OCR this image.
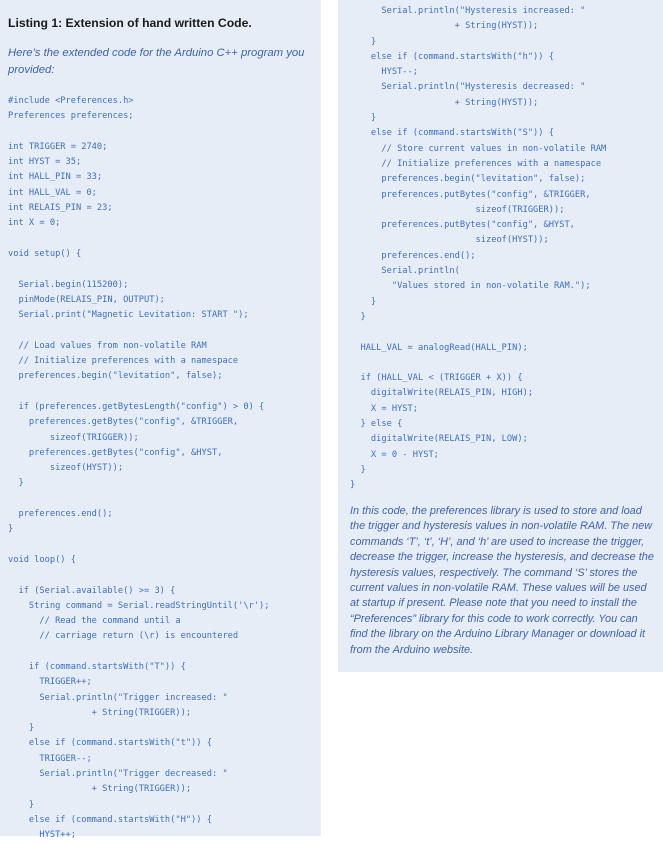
Listing 1: Extension of hand written Code.

Here’s the extended code for the Arduino C++ program you provided:

#include <Preferences.h>
Preferences preferences;

int TRIGGER = 2740;
int HYST = 35;
int HALL_PIN = 33;
int HALL_VAL = 0;
int RELAIS_PIN = 23;
int X = 0;

void setup() {

Serial.begin(115200);
pinMode(RELAIS_PIN, OUTPUT);
Serial.print("Magnetic Levitation: START ");

// Load values from non-volatile RAM
// Initialize preferences with a namespace
preferences.begin("levitation", false);

if (preferences.getBytesLength("config") > 0) {
preferences.getBytes("config", &TRIGGER,
sizeof(TRIGGER));
preferences.getBytes("config", &HYST,
sizeof(HYST));
}

preferences.end();
}

void loop() {

if (Serial.available() >= 3) {
String command = Serial.readStringUntil('\r');
// Read the command until a
// carriage return (\r) is encountered

if (command.startsWith("T")) {
TRIGGER++;
Serial.println("Trigger increased: "
+ String(TRIGGER));
}
else if (command.startsWith("t")) {
TRIGGER--;
Serial.println("Trigger decreased: "
+ String(TRIGGER));
}
else if (command.startsWith("H")) {
HYST++;
Serial.println("Hysteresis increased: "
+ String(HYST));
}
else if (command.startsWith("h")) {
HYST--;
Serial.println("Hysteresis decreased: "
+ String(HYST));
}
else if (command.startsWith("S")) {
// Store current values in non-volatile RAM
// Initialize preferences with a namespace
preferences.begin("levitation", false);
preferences.putBytes("config", &TRIGGER,
sizeof(TRIGGER));
preferences.putBytes("config", &HYST,
sizeof(HYST));
preferences.end();
Serial.println(
"Values stored in non-volatile RAM.");
}
}

HALL_VAL = analogRead(HALL_PIN);

if (HALL_VAL < (TRIGGER + X)) {
digitalWrite(RELAIS_PIN, HIGH);
X = HYST;
} else {
digitalWrite(RELAIS_PIN, LOW);
X = 0 - HYST;
}
}

In this code, the preferences library is used to store and load the trigger and hysteresis values in non-volatile RAM. The new commands ‘T’, ‘t’, ‘H’, and ‘h’ are used to increase the trigger, decrease the trigger, increase the hysteresis, and decrease the hysteresis values, respectively. The command ‘S’ stores the current values in non-volatile RAM. These values will be used at startup if present. Please note that you need to install the “Preferences” library for this code to work correctly. You can find the library on the Arduino Library Manager or download it from the Arduino website.
